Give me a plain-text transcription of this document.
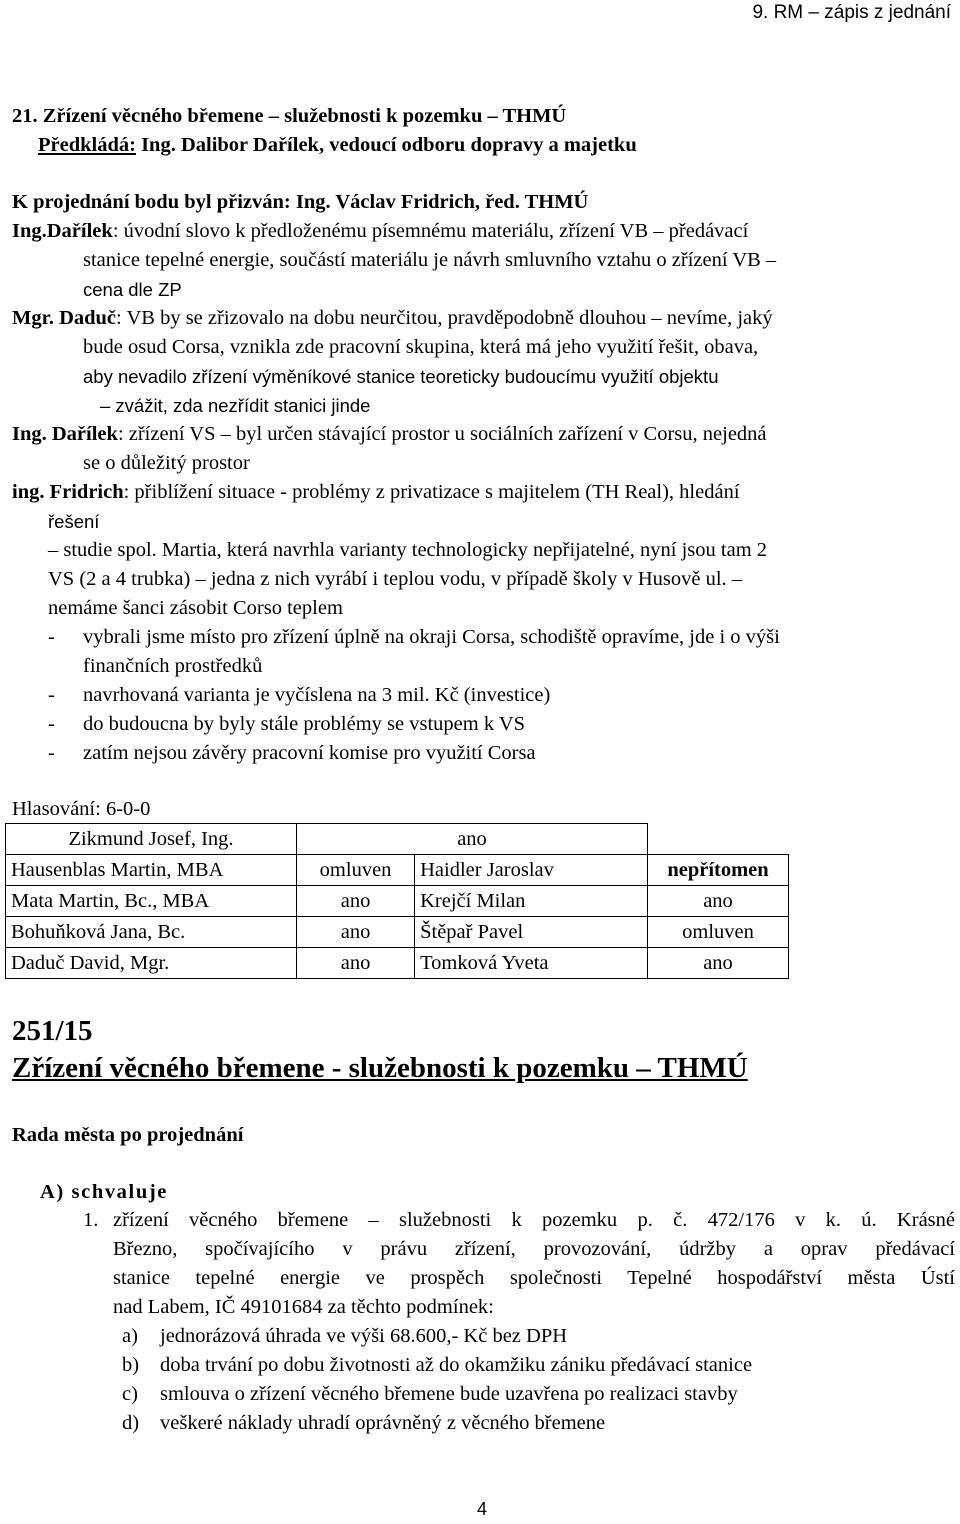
9. RM – zápis z jednání
21. Zřízení věcného břemene – služebnosti k pozemku – THMÚ
Předkládá: Ing. Dalibor Dařílek, vedoucí odboru dopravy a majetku
K projednání bodu byl přizván: Ing. Václav Fridrich, řed. THMÚ
Ing.Dařílek: úvodní slovo k předloženému písemnému materiálu, zřízení VB – předávací
stanice tepelné energie, součástí materiálu je návrh smluvního vztahu o zřízení VB –
cena dle ZP
Mgr. Daduč: VB by se zřizovalo na dobu neurčitou, pravděpodobně dlouhou – nevíme, jaký
bude osud Corsa, vznikla zde pracovní skupina, která má jeho využití řešit, obava,
aby nevadilo zřízení výměníkové stanice teoreticky budoucímu využití objektu
– zvážit, zda nezřídit stanici jinde
Ing. Dařílek: zřízení VS – byl určen stávající prostor u sociálních zařízení v Corsu, nejedná
se o důležitý prostor
ing. Fridrich: přiblížení situace - problémy z privatizace s majitelem (TH Real), hledání
řešení
– studie spol. Martia, která navrhla varianty technologicky nepřijatelné, nyní jsou tam 2
VS (2 a 4 trubka) – jedna z nich vyrábí i teplou vodu, v případě školy v Husově ul. –
nemáme šanci zásobit Corso teplem
- vybrali jsme místo pro zřízení úplně na okraji Corsa, schodiště opravíme, jde i o výši
finančních prostředků
- navrhovaná varianta je vyčíslena na 3 mil. Kč (investice)
- do budoucna by byly stále problémy se vstupem k VS
- zatím nejsou závěry pracovní komise pro využití Corsa
Hlasování: 6-0-0
Zikmund Josef, Ing.	ano		
Hausenblas Martin, MBA	omluven	Haidler Jaroslav	nepřítomen
Mata Martin, Bc., MBA	ano	Krejčí Milan	ano
Bohuňková Jana, Bc.	ano	Štěpař Pavel	omluven
Daduč David, Mgr.	ano	Tomková Yveta	ano
251/15
Zřízení věcného břemene - služebnosti k pozemku – THMÚ
Rada města po projednání
A) schvaluje
1. zřízení věcného břemene – služebnosti k pozemku p. č. 472/176 v k. ú. Krásné
Březno, spočívajícího v právu zřízení, provozování, údržby a oprav předávací
stanice tepelné energie ve prospěch společnosti Tepelné hospodářství města Ústí
nad Labem, IČ 49101684 za těchto podmínek:
a) jednorázová úhrada ve výši 68.600,- Kč bez DPH
b) doba trvání po dobu životnosti až do okamžiku zániku předávací stanice
c) smlouva o zřízení věcného břemene bude uzavřena po realizaci stavby
d) veškeré náklady uhradí oprávněný z věcného břemene
4
